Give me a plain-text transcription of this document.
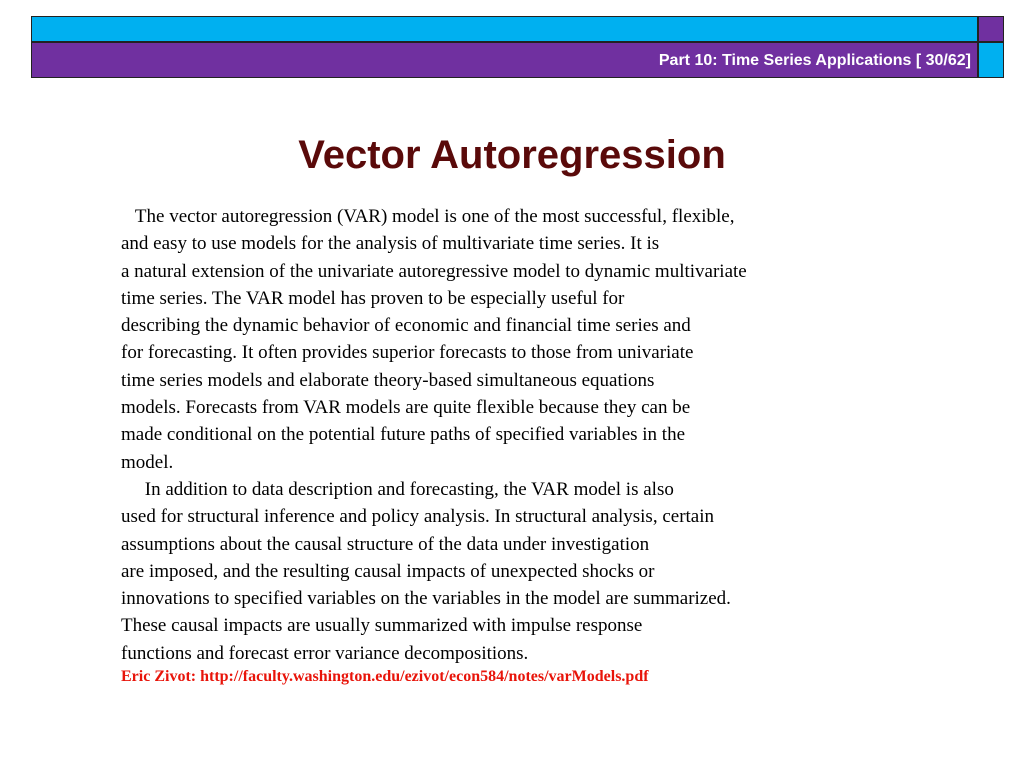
Part 10: Time Series Applications [ 30/62]
Vector Autoregression
The vector autoregression (VAR) model is one of the most successful, flexible,
and easy to use models for the analysis of multivariate time series. It is
a natural extension of the univariate autoregressive model to dynamic multivariate
time series. The VAR model has proven to be especially useful for
describing the dynamic behavior of economic and financial time series and
for forecasting. It often provides superior forecasts to those from univariate
time series models and elaborate theory-based simultaneous equations
models. Forecasts from VAR models are quite flexible because they can be
made conditional on the potential future paths of specified variables in the
model.
In addition to data description and forecasting, the VAR model is also
used for structural inference and policy analysis. In structural analysis, certain
assumptions about the causal structure of the data under investigation
are imposed, and the resulting causal impacts of unexpected shocks or
innovations to specified variables on the variables in the model are summarized.
These causal impacts are usually summarized with impulse response
functions and forecast error variance decompositions.
Eric Zivot: http://faculty.washington.edu/ezivot/econ584/notes/varModels.pdf
